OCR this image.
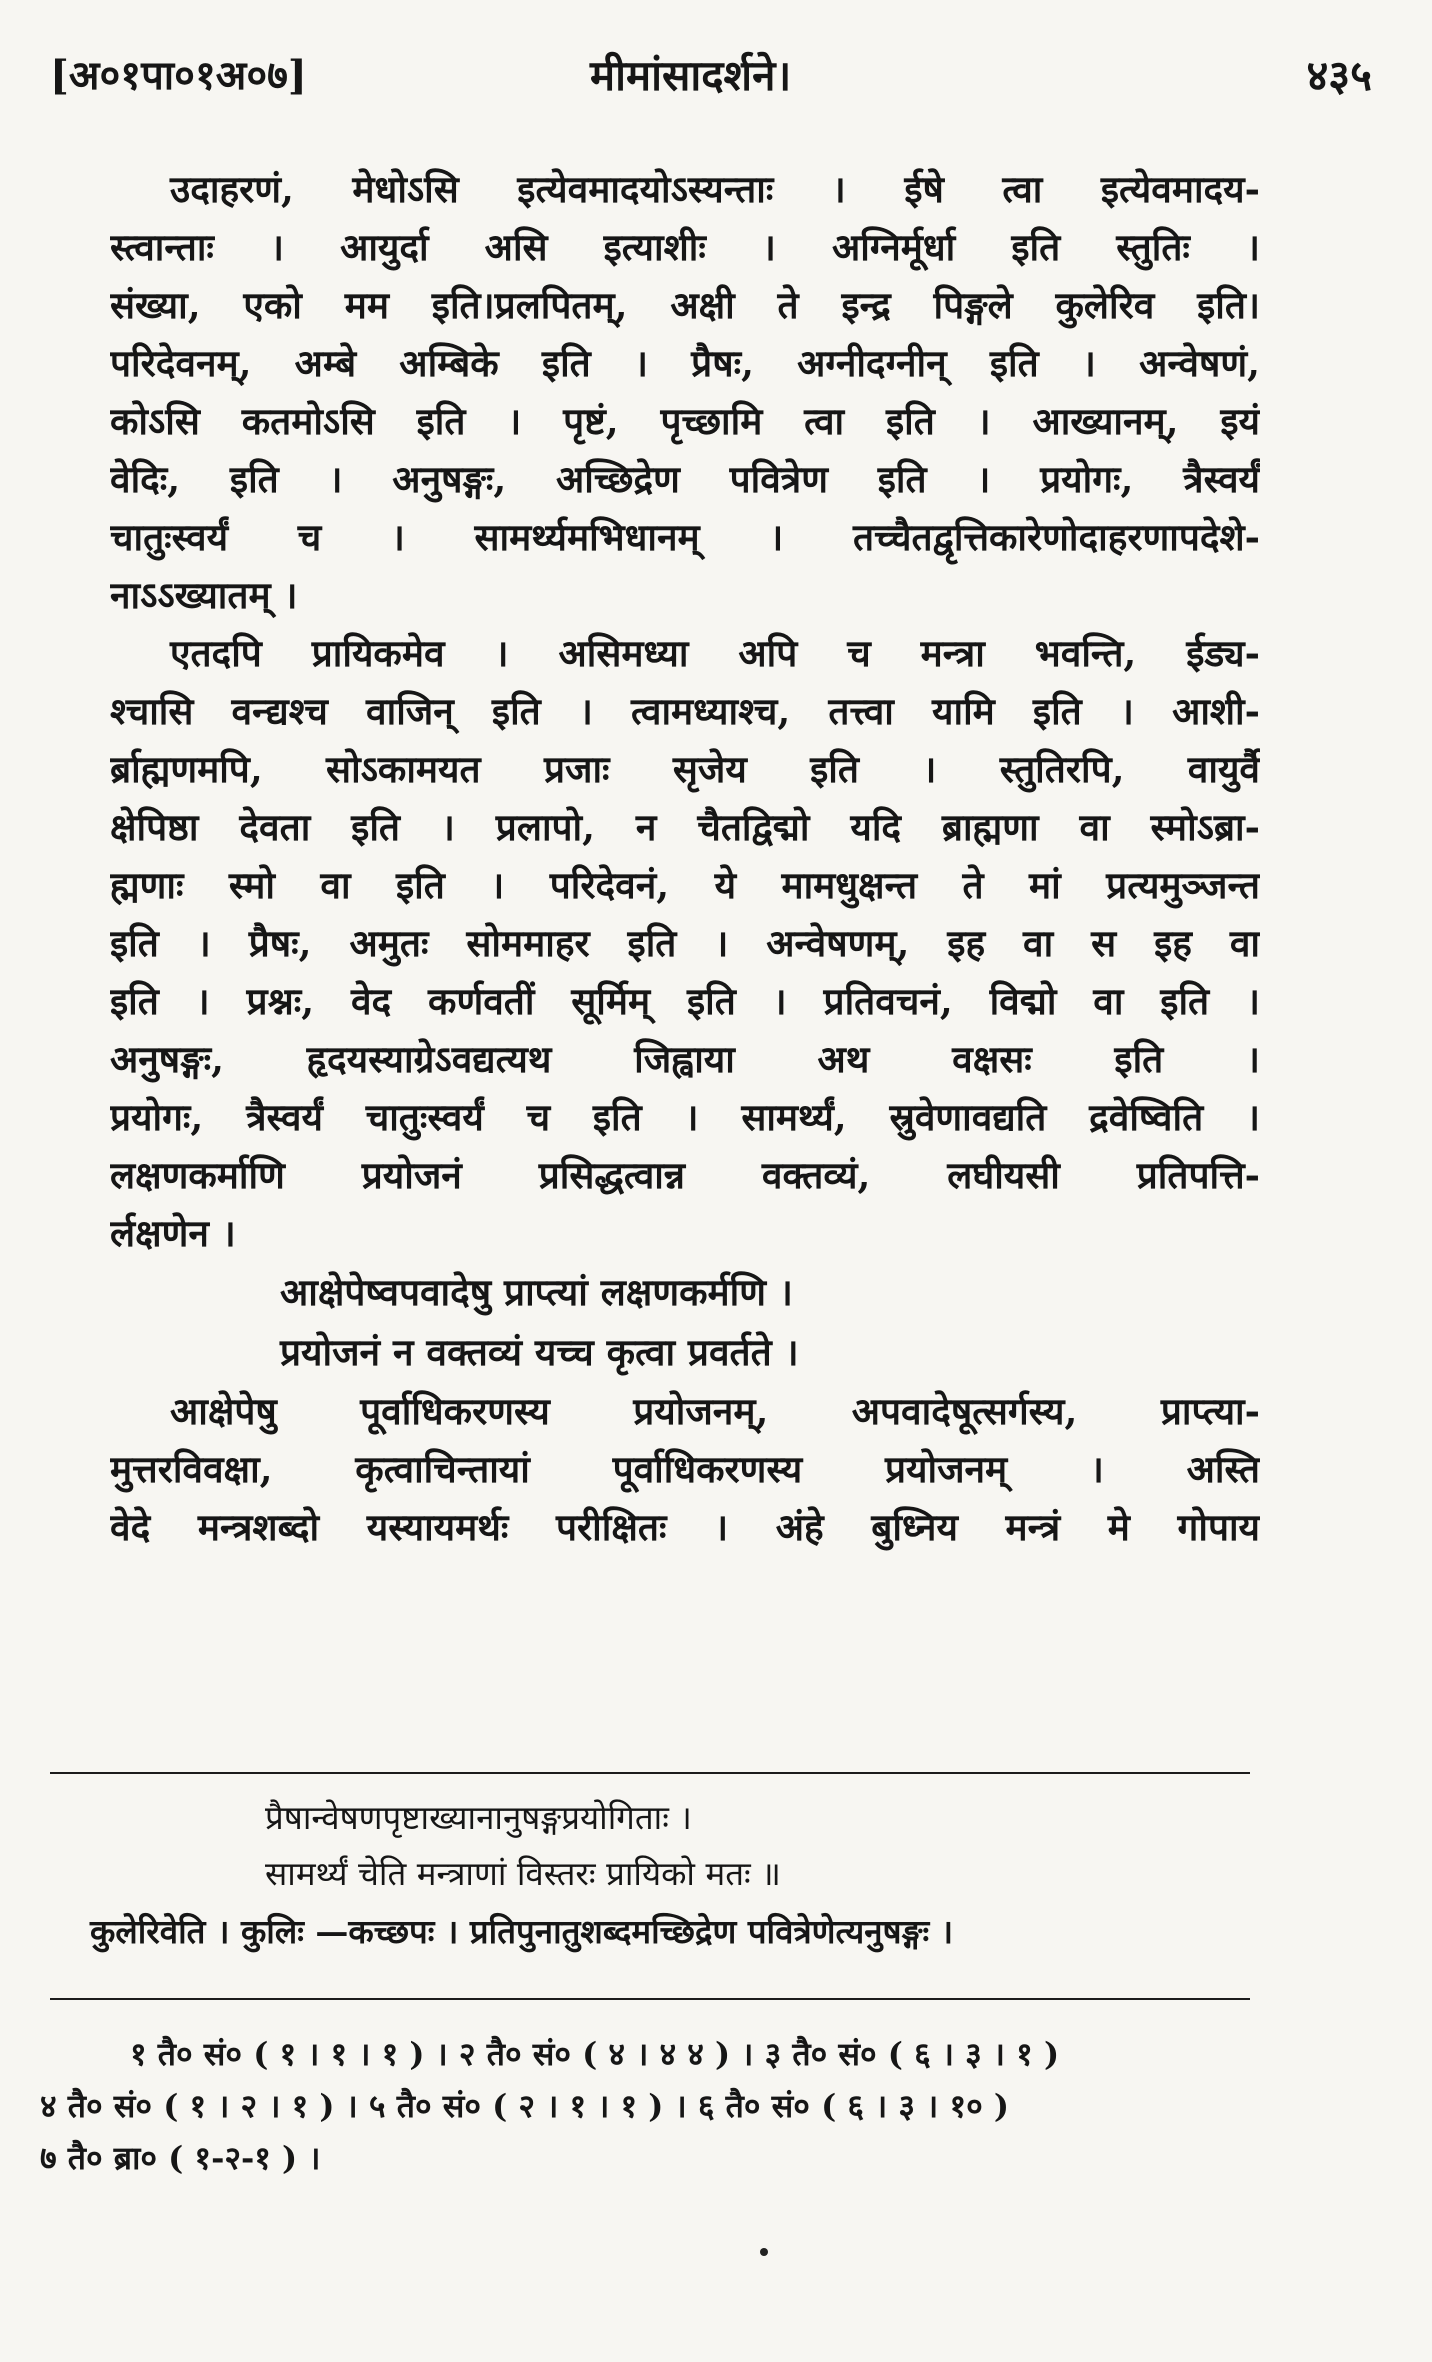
[अ०१पा०१अ०७]	मीमांसादर्शने।	४३५
उदाहरणं, मेधोऽसि इत्येवमादयोऽस्यन्ताः । ईषे त्वा इत्येवमादय-
स्त्वान्ताः । आयुर्दा असि इत्याशीः । अग्निर्मूर्धा इति स्तुतिः ।
संख्या, एको मम इति।प्रलपितम्, अक्षी ते इन्द्र पिङ्गले कुलेरिव इति।
परिदेवनम्, अम्बे अम्बिके इति । प्रैषः, अग्नीदग्नीन् इति । अन्वेषणं,
कोऽसि कतमोऽसि इति । पृष्टं, पृच्छामि त्वा इति । आख्यानम्, इयं
वेदिः, इति । अनुषङ्गः, अच्छिद्रेण पवित्रेण इति । प्रयोगः, त्रैस्वर्यं
चातुःस्वर्यं च । सामर्थ्यमभिधानम् । तच्चैतद्वृत्तिकारेणोदाहरणापदेशे-
नाऽऽख्यातम् ।
एतदपि प्रायिकमेव । असिमध्या अपि च मन्त्रा भवन्ति, ईड्य-
श्चासि वन्द्यश्च वाजिन् इति । त्वामध्याश्च, तत्त्वा यामि इति । आशी-
र्ब्राह्मणमपि, सोऽकामयत प्रजाः सृजेय इति । स्तुतिरपि, वायुर्वै
क्षेपिष्ठा देवता इति । प्रलापो, न चैतद्विद्मो यदि ब्राह्मणा वा स्मोऽब्रा-
ह्मणाः स्मो वा इति । परिदेवनं, ये मामधुक्षन्त ते मां प्रत्यमुञ्जन्त
इति । प्रैषः, अमुतः सोममाहर इति । अन्वेषणम्, इह वा स इह वा
इति । प्रश्नः, वेद कर्णवतीं सूर्मिम् इति । प्रतिवचनं, विद्मो वा इति ।
अनुषङ्गः, हृदयस्याग्रेऽवद्यत्यथ जिह्वाया अथ वक्षसः इति ।
प्रयोगः, त्रैस्वर्यं चातुःस्वर्यं च इति । सामर्थ्यं, स्रुवेणावद्यति द्रवेष्विति ।
लक्षणकर्माणि प्रयोजनं प्रसिद्धत्वान्न वक्तव्यं, लघीयसी प्रतिपत्ति-
र्लक्षणेन ।
आक्षेपेष्वपवादेषु प्राप्त्यां लक्षणकर्मणि ।
प्रयोजनं न वक्तव्यं यच्च कृत्वा प्रवर्तते ।
आक्षेपेषु पूर्वाधिकरणस्य प्रयोजनम्, अपवादेषूत्सर्गस्य, प्राप्त्या-
मुत्तरविवक्षा, कृत्वाचिन्तायां पूर्वाधिकरणस्य प्रयोजनम् । अस्ति
वेदे मन्त्रशब्दो यस्यायमर्थः परीक्षितः । अंहे बुध्निय मन्त्रं मे गोपाय
प्रैषान्वेषणपृष्टाख्यानानुषङ्गप्रयोगिताः ।
सामर्थ्यं चेति मन्त्राणां विस्तरः प्रायिको मतः ॥
कुलेरिवेति । कुलिः —कच्छपः । प्रतिपुनातुशब्दमच्छिद्रेण पवित्रेणेत्यनुषङ्गः ।
१ तै० सं० ( १ । १ । १ ) । २ तै० सं० ( ४ । ४ ४ ) । ३ तै० सं० ( ६ । ३ । १ )
४ तै० सं० ( १ । २ । १ ) । ५ तै० सं० ( २ । १ । १ ) । ६ तै० सं० ( ६ । ३ । १० )
७ तै० ब्रा० ( १-२-१ ) ।
